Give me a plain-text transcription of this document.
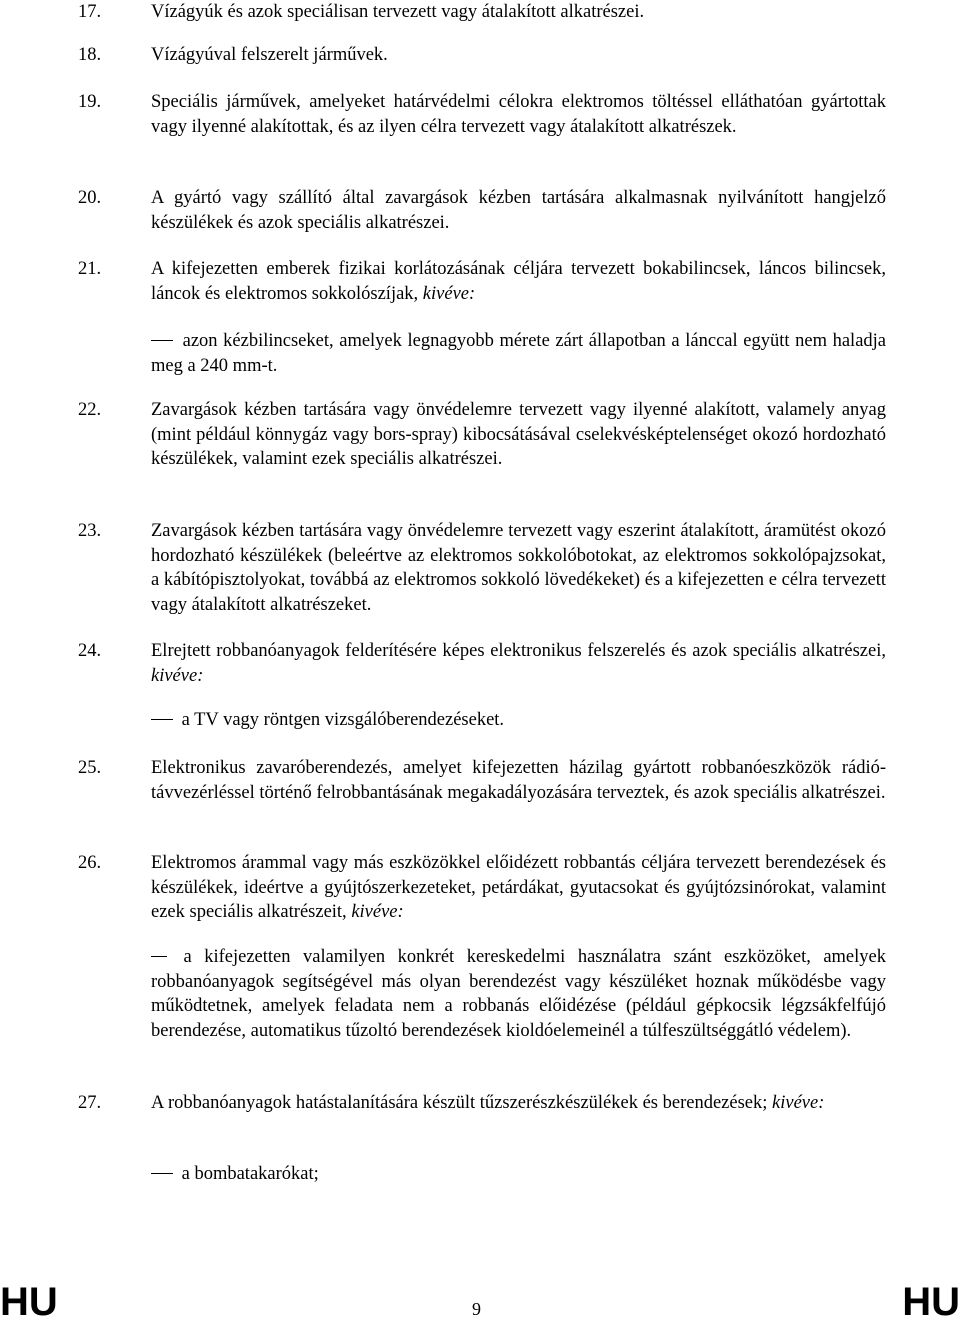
17.	Vízágyúk és azok speciálisan tervezett vagy átalakított alkatrészei.
18.	Vízágyúval felszerelt járművek.
19.	Speciális járművek, amelyeket határvédelmi célokra elektromos töltéssel elláthatóan gyártottak vagy ilyenné alakítottak, és az ilyen célra tervezett vagy átalakított alkatrészek.
20.	A gyártó vagy szállító által zavargások kézben tartására alkalmasnak nyilvánított hangjelző készülékek és azok speciális alkatrészei.
21.	A kifejezetten emberek fizikai korlátozásának céljára tervezett bokabilincsek, láncos bilincsek, láncok és elektromos sokkolószíjak, kivéve:
azon kézbilincseket, amelyek legnagyobb mérete zárt állapotban a lánccal együtt nem haladja meg a 240 mm-t.
22.	Zavargások kézben tartására vagy önvédelemre tervezett vagy ilyenné alakított, valamely anyag (mint például könnygáz vagy bors-spray) kibocsátásával cselekvésképtelenséget okozó hordozható készülékek, valamint ezek speciális alkatrészei.
23.	Zavargások kézben tartására vagy önvédelemre tervezett vagy eszerint átalakított, áramütést okozó hordozható készülékek (beleértve az elektromos sokkolóbotokat, az elektromos sokkolópajzsokat, a kábítópisztolyokat, továbbá az elektromos sokkoló lövedékeket) és a kifejezetten e célra tervezett vagy átalakított alkatrészeket.
24.	Elrejtett robbanóanyagok felderítésére képes elektronikus felszerelés és azok speciális alkatrészei, kivéve:
a TV vagy röntgen vizsgálóberendezéseket.
25.	Elektronikus zavaróberendezés, amelyet kifejezetten házilag gyártott robbanóeszközök rádió-távvezérléssel történő felrobbantásának megakadályozására terveztek, és azok speciális alkatrészei.
26.	Elektromos árammal vagy más eszközökkel előidézett robbantás céljára tervezett berendezések és készülékek, ideértve a gyújtószerkezeteket, petárdákat, gyutacsokat és gyújtózsinórokat, valamint ezek speciális alkatrészeit, kivéve:
a kifejezetten valamilyen konkrét kereskedelmi használatra szánt eszközöket, amelyek robbanóanyagok segítségével más olyan berendezést vagy készüléket hoznak működésbe vagy működtetnek, amelyek feladata nem a robbanás előidézése (például gépkocsik légzsákfelfújó berendezése, automatikus tűzoltó berendezések kioldóelemeinél a túlfeszültséggátló védelem).
27.	A robbanóanyagok hatástalanítására készült tűzszerészkészülékek és berendezések; kivéve:
a bombatakarókat;
HU	9	HU
